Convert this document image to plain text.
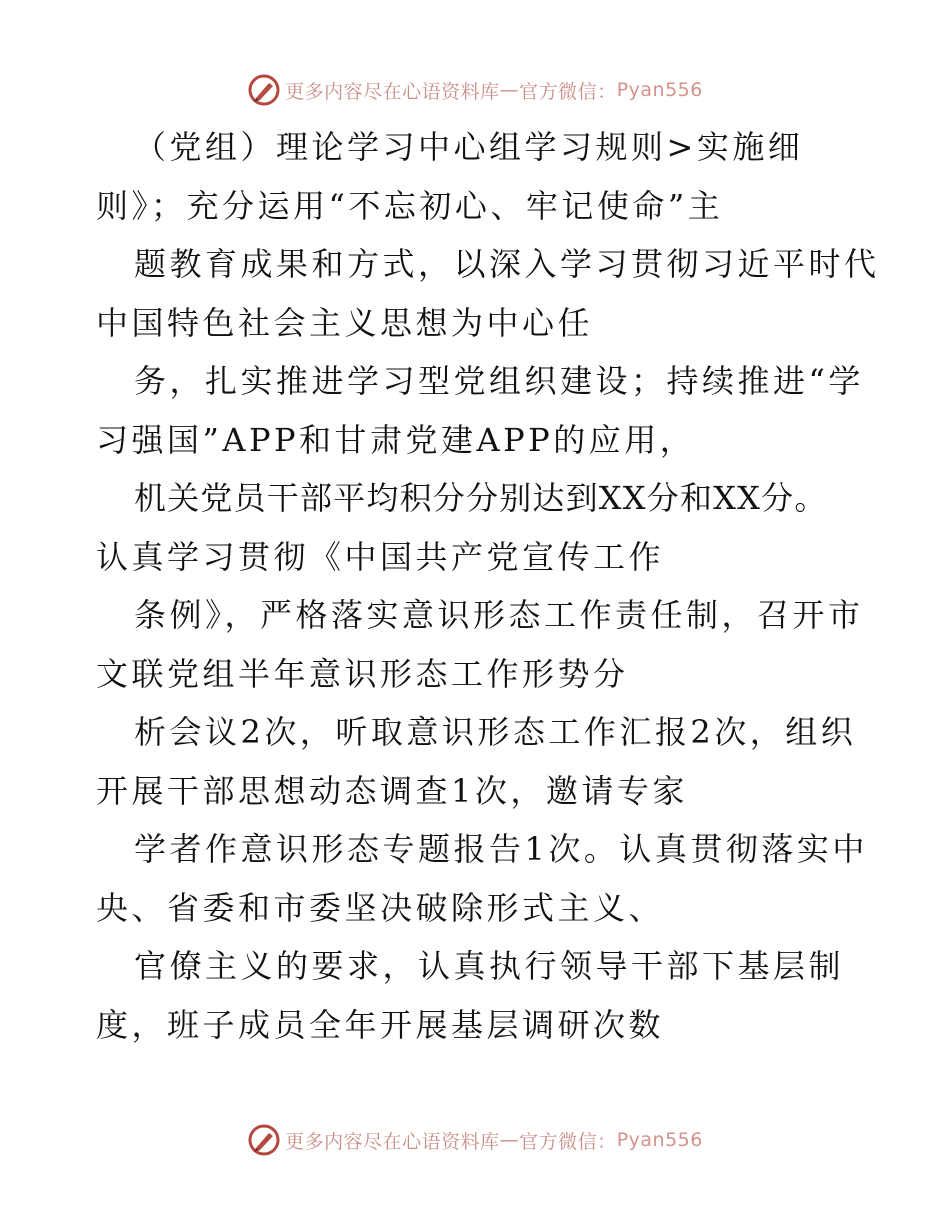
更多内容尽在心语资料库 — 官方微信： Pyan556
（党组）理论学习中心组学习规则>实施细
则》；充分运用“不忘初心、牢记使命”主
题教育成果和方式，以深入学习贯彻习近平时代
中国特色社会主义思想为中心任
务，扎实推进学习型党组织建设；持续推进“学
习强国”APP和甘肃党建APP的应用，
机关党员干部平均积分分别达到XX分和XX分。
认真学习贯彻《中国共产党宣传工作
条例》，严格落实意识形态工作责任制，召开市
文联党组半年意识形态工作形势分
析会议2次，听取意识形态工作汇报2次，组织
开展干部思想动态调查1次，邀请专家
学者作意识形态专题报告1次。认真贯彻落实中
央、省委和市委坚决破除形式主义、
官僚主义的要求，认真执行领导干部下基层制
度，班子成员全年开展基层调研次数
更多内容尽在心语资料库 — 官方微信： Pyan556
